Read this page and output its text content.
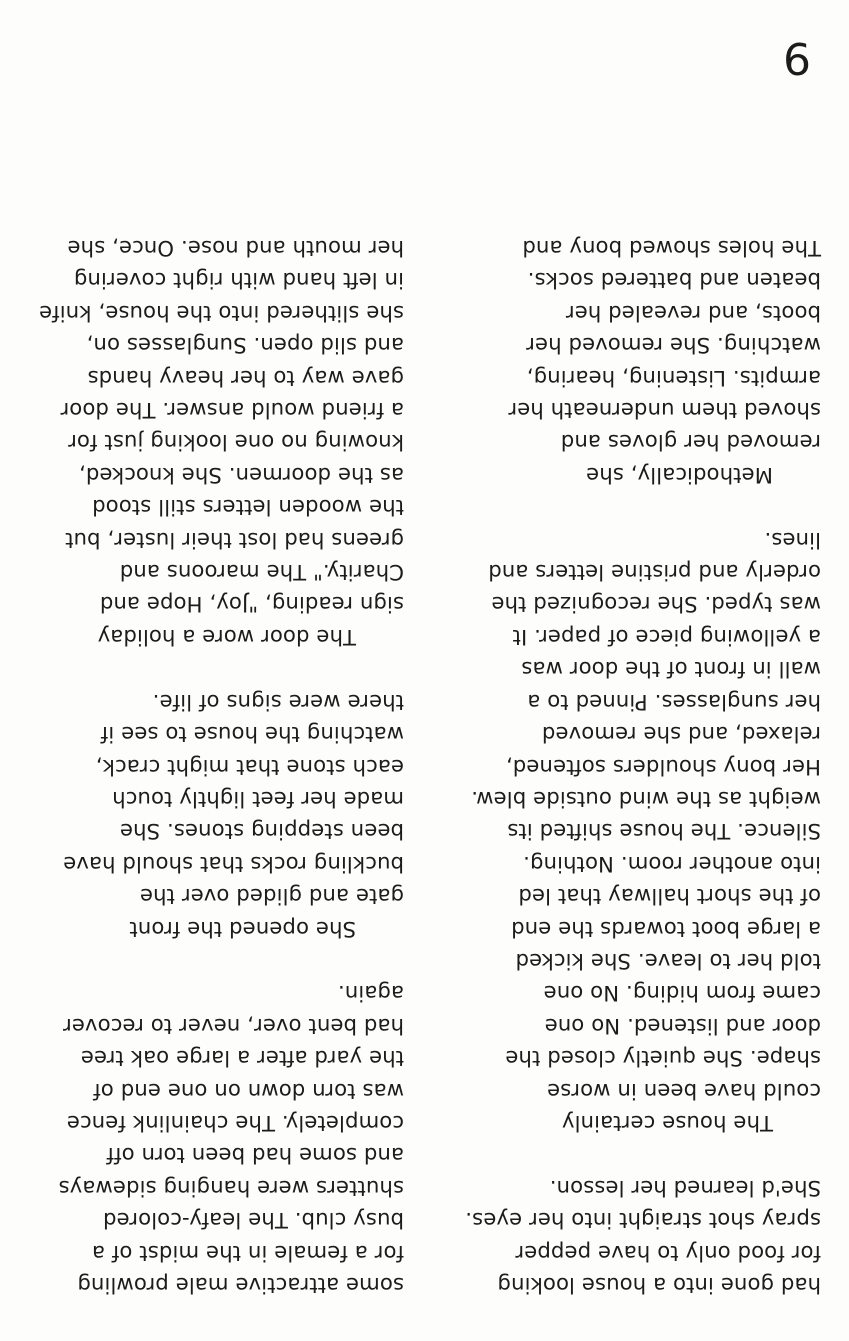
had gone into a house looking
for food only to have pepper
spray shot straight into her eyes.
She'd learned her lesson.
The house certainly
could have been in worse
shape. She quietly closed the
door and listened. No one
came from hiding. No one
told her to leave. She kicked
a large boot towards the end
of the short hallway that led
into another room. Nothing.
Silence. The house shifted its
weight as the wind outside blew.
Her bony shoulders softened,
relaxed, and she removed
her sunglasses. Pinned to a
wall in front of the door was
a yellowing piece of paper. It
was typed. She recognized the
orderly and pristine letters and
lines.
Methodically, she
removed her gloves and
shoved them underneath her
armpits. Listening, hearing,
watching. She removed her
boots, and revealed her
beaten and battered socks.
The holes showed bony and
some attractive male prowling
for a female in the midst of a
busy club. The leafy-colored
shutters were hanging sideways
and some had been torn off
completely. The chainlink fence
was torn down on one end of
the yard after a large oak tree
had bent over, never to recover
again.
She opened the front
gate and glided over the
buckling rocks that should have
been stepping stones. She
made her feet lightly touch
each stone that might crack,
watching the house to see if
there were signs of life.
The door wore a holiday
sign reading, "Joy, Hope and
Charity." The maroons and
greens had lost their luster, but
the wooden letters still stood
as the doormen. She knocked,
knowing no one looking just for
a friend would answer. The door
gave way to her heavy hands
and slid open. Sunglasses on,
she slithered into the house, knife
in left hand with right covering
her mouth and nose. Once, she
9
